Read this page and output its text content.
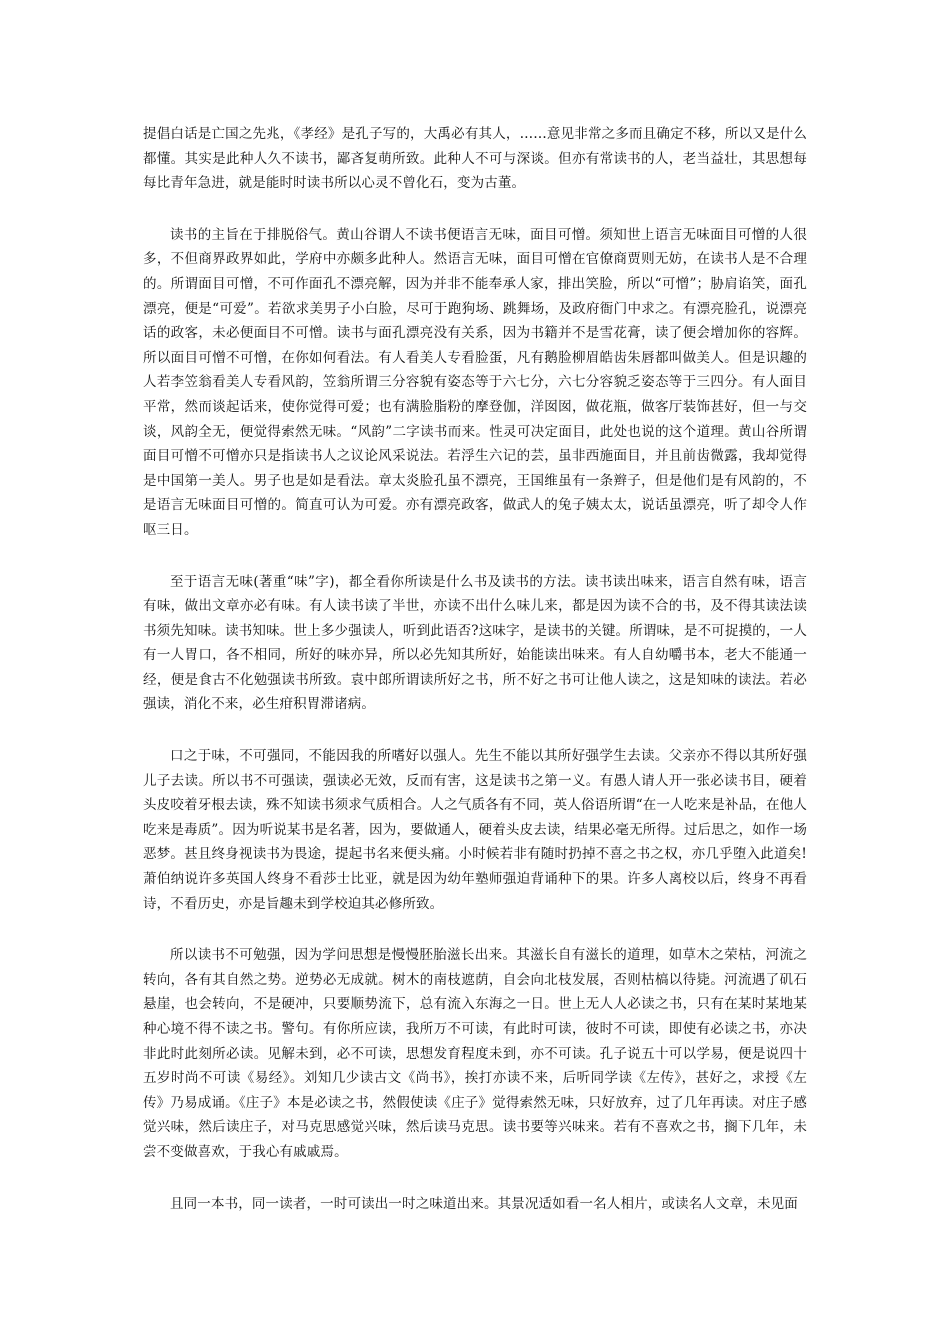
提倡白话是亡国之先兆，《孝经》是孔子写的，大禹必有其人，……意见非常之多而且确定不移，所以又是什么都懂。其实是此种人久不读书，鄙吝复萌所致。此种人不可与深谈。但亦有常读书的人，老当益壮，其思想每每比青年急进，就是能时时读书所以心灵不曾化石，变为古董。

读书的主旨在于排脱俗气。黄山谷谓人不读书便语言无味，面目可憎。须知世上语言无味面目可憎的人很多，不但商界政界如此，学府中亦颇多此种人。然语言无味，面目可憎在官僚商贾则无妨，在读书人是不合理的。所谓面目可憎，不可作面孔不漂亮解，因为并非不能奉承人家，排出笑脸，所以“可憎”；胁肩谄笑，面孔漂亮，便是“可爱”。若欲求美男子小白脸，尽可于跑狗场、跳舞场，及政府衙门中求之。有漂亮脸孔，说漂亮话的政客，未必便面目不可憎。读书与面孔漂亮没有关系，因为书籍并不是雪花膏，读了便会增加你的容辉。所以面目可憎不可憎，在你如何看法。有人看美人专看脸蛋，凡有鹅脸柳眉皓齿朱唇都叫做美人。但是识趣的人若李笠翁看美人专看风韵，笠翁所谓三分容貌有姿态等于六七分，六七分容貌乏姿态等于三四分。有人面目平常，然而谈起话来，使你觉得可爱；也有满脸脂粉的摩登伽，洋囡囡，做花瓶，做客厅装饰甚好，但一与交谈，风韵全无，便觉得索然无味。“风韵”二字读书而来。性灵可决定面目，此处也说的这个道理。黄山谷所谓面目可憎不可憎亦只是指读书人之议论风采说法。若浮生六记的芸，虽非西施面目，并且前齿微露，我却觉得是中国第一美人。男子也是如是看法。章太炎脸孔虽不漂亮，王国维虽有一条辫子，但是他们是有风韵的，不是语言无味面目可憎的。简直可认为可爱。亦有漂亮政客，做武人的兔子姨太太，说话虽漂亮，听了却令人作呕三日。

至于语言无味(著重“味”字)，都全看你所读是什么书及读书的方法。读书读出味来，语言自然有味，语言有味，做出文章亦必有味。有人读书读了半世，亦读不出什么味儿来，都是因为读不合的书，及不得其读法读书须先知味。读书知味。世上多少强读人，听到此语否?这味字，是读书的关键。所谓味，是不可捉摸的，一人有一人胃口，各不相同，所好的味亦异，所以必先知其所好，始能读出味来。有人自幼嚼书本，老大不能通一经，便是食古不化勉强读书所致。袁中郎所谓读所好之书，所不好之书可让他人读之，这是知味的读法。若必强读，消化不来，必生疳积胃滞诸病。

口之于味，不可强同，不能因我的所嗜好以强人。先生不能以其所好强学生去读。父亲亦不得以其所好强儿子去读。所以书不可强读，强读必无效，反而有害，这是读书之第一义。有愚人请人开一张必读书目，硬着头皮咬着牙根去读，殊不知读书须求气质相合。人之气质各有不同，英人俗语所谓“在一人吃来是补品，在他人吃来是毒质”。因为听说某书是名著，因为，要做通人，硬着头皮去读，结果必毫无所得。过后思之，如作一场恶梦。甚且终身视读书为畏途，提起书名来便头痛。小时候若非有随时扔掉不喜之书之权，亦几乎堕入此道矣!萧伯纳说许多英国人终身不看莎士比亚，就是因为幼年塾师强迫背诵种下的果。许多人离校以后，终身不再看诗，不看历史，亦是旨趣未到学校迫其必修所致。

所以读书不可勉强，因为学问思想是慢慢胚胎滋长出来。其滋长自有滋长的道理，如草木之荣枯，河流之转向，各有其自然之势。逆势必无成就。树木的南枝遮荫，自会向北枝发展，否则枯槁以待毙。河流遇了矶石悬崖，也会转向，不是硬冲，只要顺势流下，总有流入东海之一日。世上无人人必读之书，只有在某时某地某种心境不得不读之书。警句。有你所应读，我所万不可读，有此时可读，彼时不可读，即使有必读之书，亦决非此时此刻所必读。见解未到，必不可读，思想发育程度未到，亦不可读。孔子说五十可以学易，便是说四十五岁时尚不可读《易经》。刘知几少读古文《尚书》，挨打亦读不来，后听同学读《左传》，甚好之，求授《左传》乃易成诵。《庄子》本是必读之书，然假使读《庄子》觉得索然无味，只好放弃，过了几年再读。对庄子感觉兴味，然后读庄子，对马克思感觉兴味，然后读马克思。读书要等兴味来。若有不喜欢之书，搁下几年，未尝不变做喜欢，于我心有戚戚焉。

且同一本书，同一读者，一时可读出一时之味道出来。其景况适如看一名人相片，或读名人文章，未见面
